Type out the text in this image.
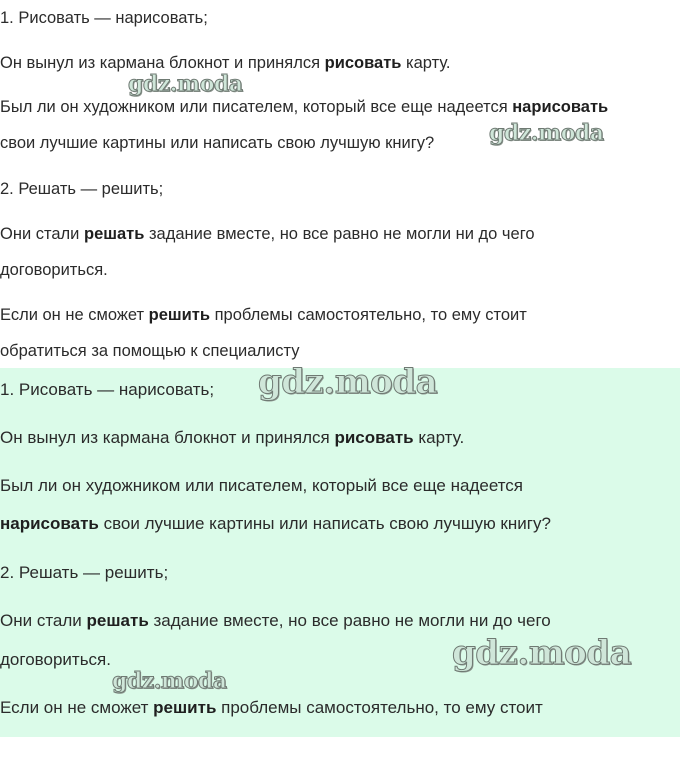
1. Рисовать — нарисовать;
Он вынул из кармана блокнот и принялся рисовать карту.
Был ли он художником или писателем, который все еще надеется нарисовать
свои лучшие картины или написать свою лучшую книгу?
2. Решать — решить;
Они стали решать задание вместе, но все равно не могли ни до чего
договориться.
Если он не сможет решить проблемы самостоятельно, то ему стоит
обратиться за помощью к специалисту
1. Рисовать — нарисовать;
Он вынул из кармана блокнот и принялся рисовать карту.
Был ли он художником или писателем, который все еще надеется
нарисовать свои лучшие картины или написать свою лучшую книгу?
2. Решать — решить;
Они стали решать задание вместе, но все равно не могли ни до чего
договориться.
Если он не сможет решить проблемы самостоятельно, то ему стоит
gdz.moda
gdz.moda
gdz.moda
gdz.moda
gdz.moda
